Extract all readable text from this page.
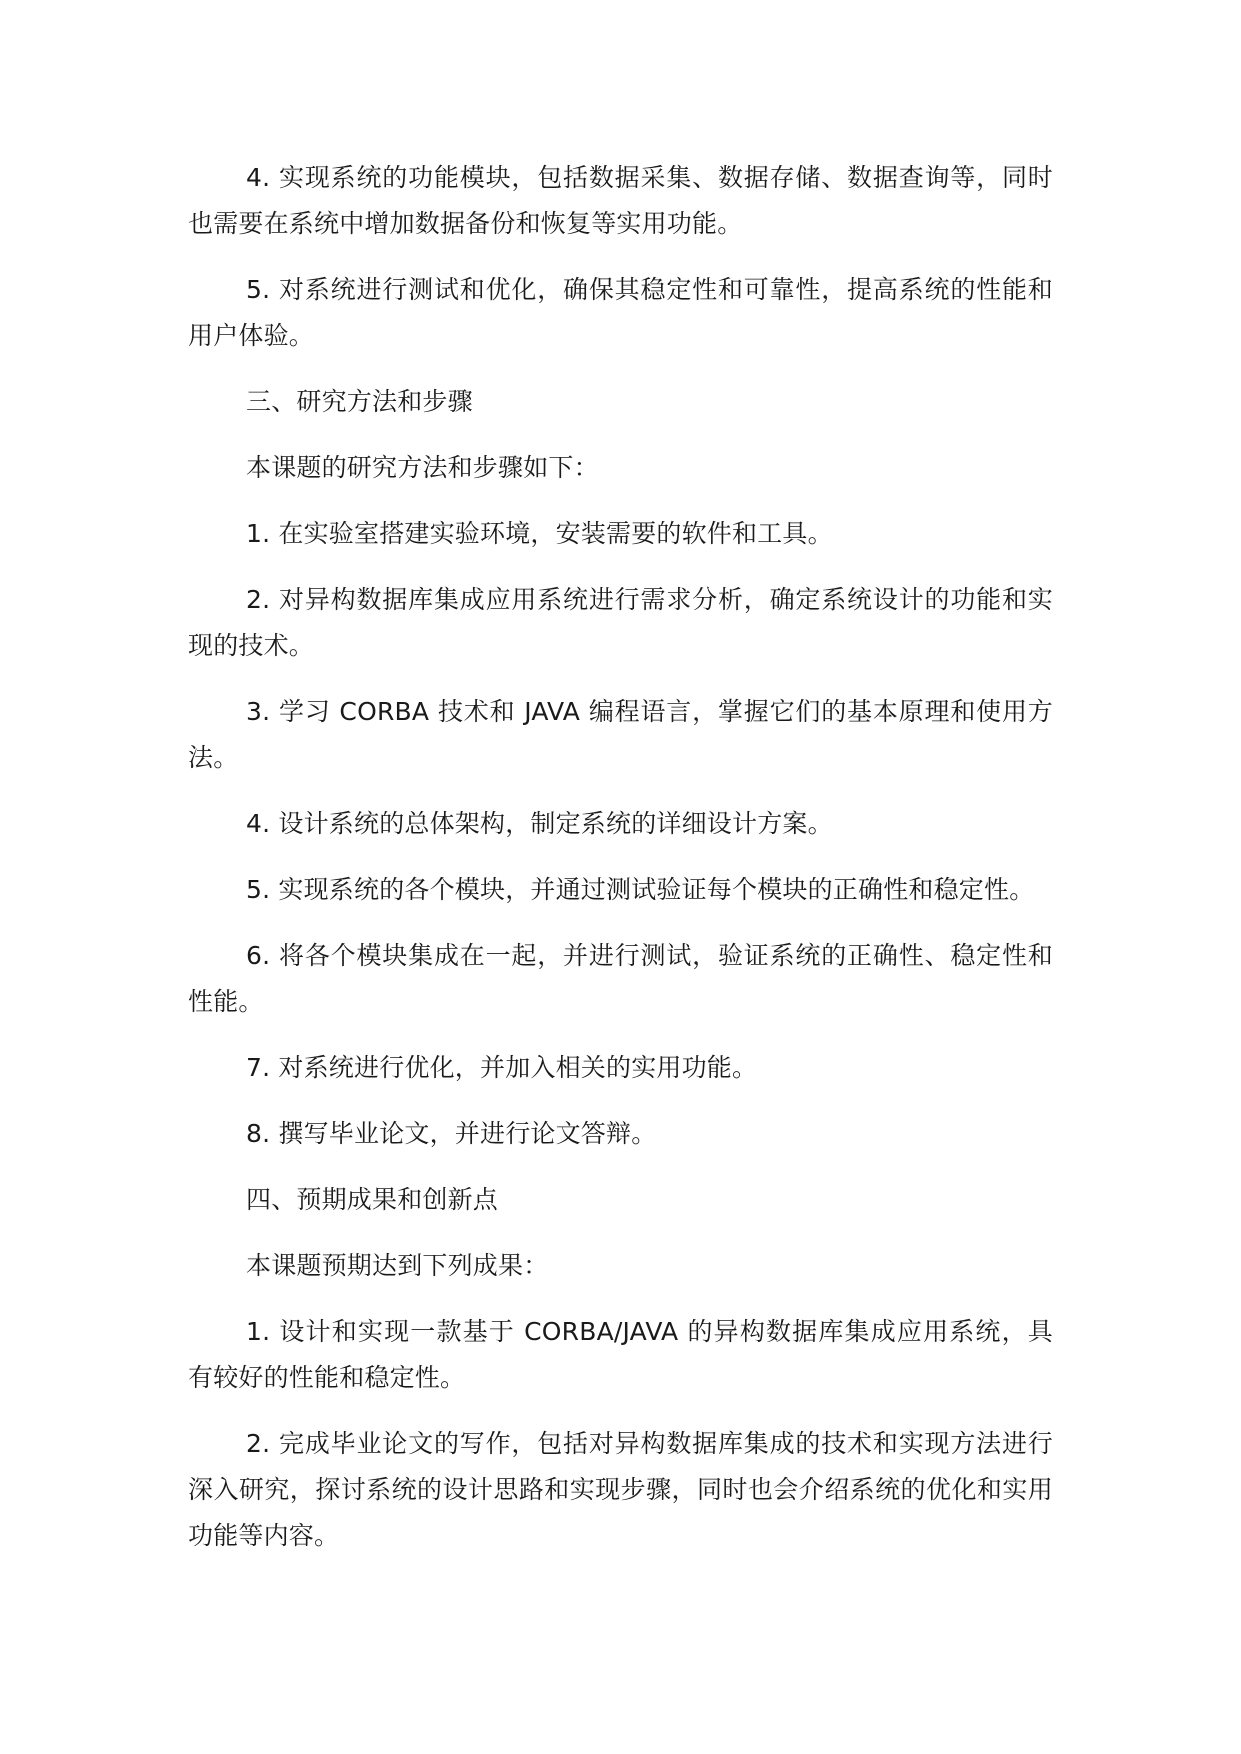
4. 实现系统的功能模块，包括数据采集、数据存储、数据查询等，同时也需要在系统中增加数据备份和恢复等实用功能。

5. 对系统进行测试和优化，确保其稳定性和可靠性，提高系统的性能和用户体验。

三、研究方法和步骤

本课题的研究方法和步骤如下：

1. 在实验室搭建实验环境，安装需要的软件和工具。

2. 对异构数据库集成应用系统进行需求分析，确定系统设计的功能和实现的技术。

3. 学习 CORBA 技术和 JAVA 编程语言，掌握它们的基本原理和使用方法。

4. 设计系统的总体架构，制定系统的详细设计方案。

5. 实现系统的各个模块，并通过测试验证每个模块的正确性和稳定性。

6. 将各个模块集成在一起，并进行测试，验证系统的正确性、稳定性和性能。

7. 对系统进行优化，并加入相关的实用功能。

8. 撰写毕业论文，并进行论文答辩。

四、预期成果和创新点

本课题预期达到下列成果：

1. 设计和实现一款基于 CORBA/JAVA 的异构数据库集成应用系统，具有较好的性能和稳定性。

2. 完成毕业论文的写作，包括对异构数据库集成的技术和实现方法进行深入研究，探讨系统的设计思路和实现步骤，同时也会介绍系统的优化和实用功能等内容。
